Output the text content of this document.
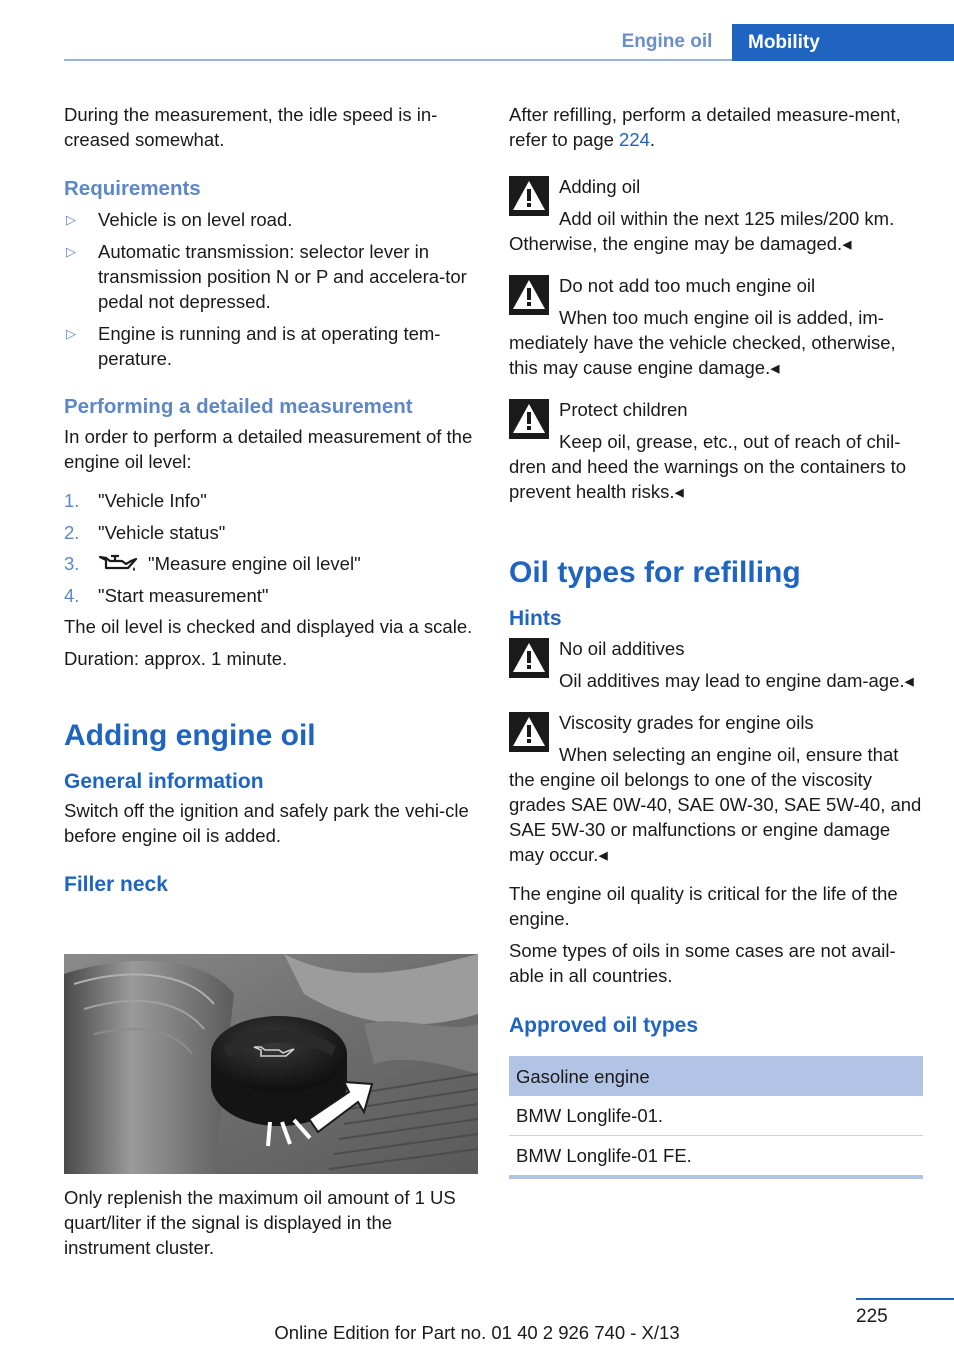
Engine oil	Mobility

During the measurement, the idle speed is in-creased somewhat.

Requirements
▷ Vehicle is on level road.
▷ Automatic transmission: selector lever in transmission position N or P and accelera-tor pedal not depressed.
▷ Engine is running and is at operating tem-perature.
Performing a detailed measurement

In order to perform a detailed measurement of the engine oil level:

1. "Vehicle Info"
2. "Vehicle status"
3.	"Measure engine oil level"
4. "Start measurement"

The oil level is checked and displayed via a scale.

Duration: approx. 1 minute.

Adding engine oil
General information

Switch off the ignition and safely park the vehi-cle before engine oil is added.

Filler neck

Only replenish the maximum oil amount of 1 US quart/liter if the signal is displayed in the instrument cluster.

After refilling, perform a detailed measure-ment, refer to page 224.

Adding oil
Add oil within the next 125 miles/200 km. Otherwise, the engine may be damaged.◂
Do not add too much engine oil
When too much engine oil is added, im-mediately have the vehicle checked, otherwise, this may cause engine damage.◂
Protect children
Keep oil, grease, etc., out of reach of chil-dren and heed the warnings on the containers to prevent health risks.◂
Oil types for refilling
Hints
No oil additives
Oil additives may lead to engine dam-age.◂
Viscosity grades for engine oils
When selecting an engine oil, ensure that the engine oil belongs to one of the viscosity grades SAE 0W-40, SAE 0W-30, SAE 5W-40, and SAE 5W-30 or malfunctions or engine damage may occur.◂

The engine oil quality is critical for the life of the engine.

Some types of oils in some cases are not avail-able in all countries.

Approved oil types
Gasoline engine
BMW Longlife-01.
BMW Longlife-01 FE.
225
Online Edition for Part no. 01 40 2 926 740 - X/13
